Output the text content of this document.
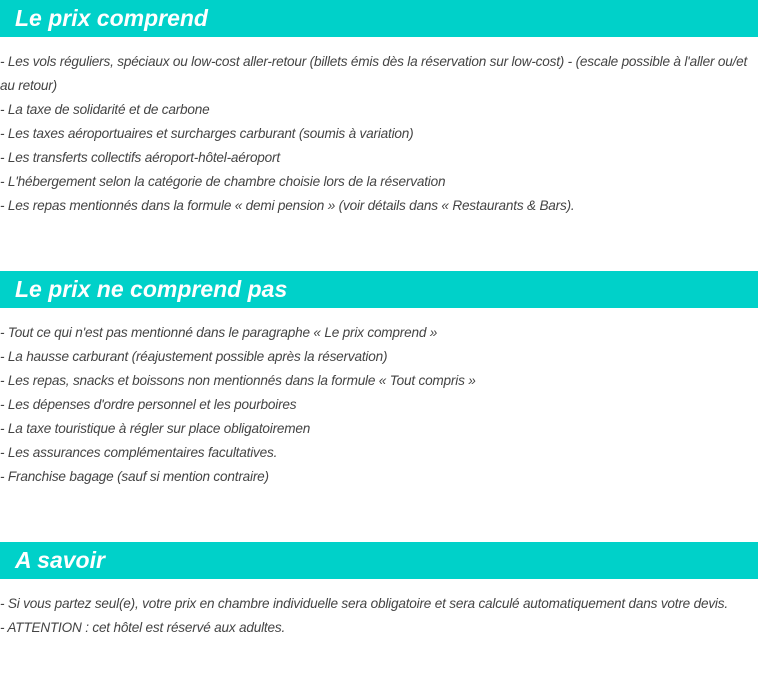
Le prix comprend
- Les vols réguliers, spéciaux ou low-cost aller-retour (billets émis dès la réservation sur low-cost) - (escale possible à l'aller ou/et au retour)
- La taxe de solidarité et de carbone
- Les taxes aéroportuaires et surcharges carburant (soumis à variation)
- Les transferts collectifs aéroport-hôtel-aéroport
- L'hébergement selon la catégorie de chambre choisie lors de la réservation
- Les repas mentionnés dans la formule « demi pension » (voir détails dans « Restaurants & Bars).
Le prix ne comprend pas
- Tout ce qui n'est pas mentionné dans le paragraphe « Le prix comprend »
- La hausse carburant (réajustement possible après la réservation)
- Les repas, snacks et boissons non mentionnés dans la formule « Tout compris »
- Les dépenses d'ordre personnel et les pourboires
- La taxe touristique à régler sur place obligatoiremen
- Les assurances complémentaires facultatives.
- Franchise bagage (sauf si mention contraire)
A savoir
- Si vous partez seul(e), votre prix en chambre individuelle sera obligatoire et sera calculé automatiquement dans votre devis.
- ATTENTION : cet hôtel est réservé aux adultes.
